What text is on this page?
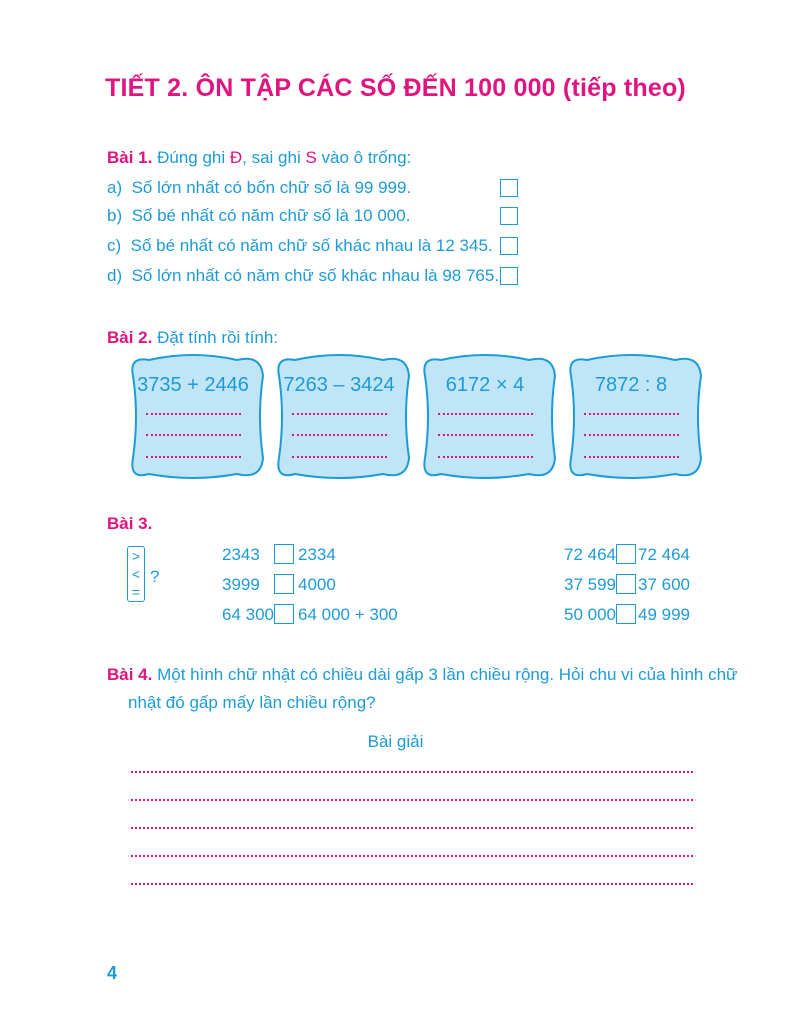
TIẾT 2. ÔN TẬP CÁC SỐ ĐẾN 100 000 (tiếp theo)
Bài 1. Đúng ghi Đ, sai ghi S vào ô trống:
a) Số lớn nhất có bốn chữ số là 99 999.
b) Số bé nhất có năm chữ số là 10 000.
c) Số bé nhất có năm chữ số khác nhau là 12 345.
d) Số lớn nhất có năm chữ số khác nhau là 98 765.
Bài 2. Đặt tính rồi tính:
3735 + 2446	7263 – 3424	6172 × 4	7872 : 8
Bài 3.
>
<
=
?
2343 2334
3999 4000
64 300 64 000 + 300
72 464 72 464
37 599 37 600
50 000 49 999
Bài 4. Một hình chữ nhật có chiều dài gấp 3 lần chiều rộng. Hỏi chu vi của hình chữ
nhật đó gấp mấy lần chiều rộng?
Bài giải
4
